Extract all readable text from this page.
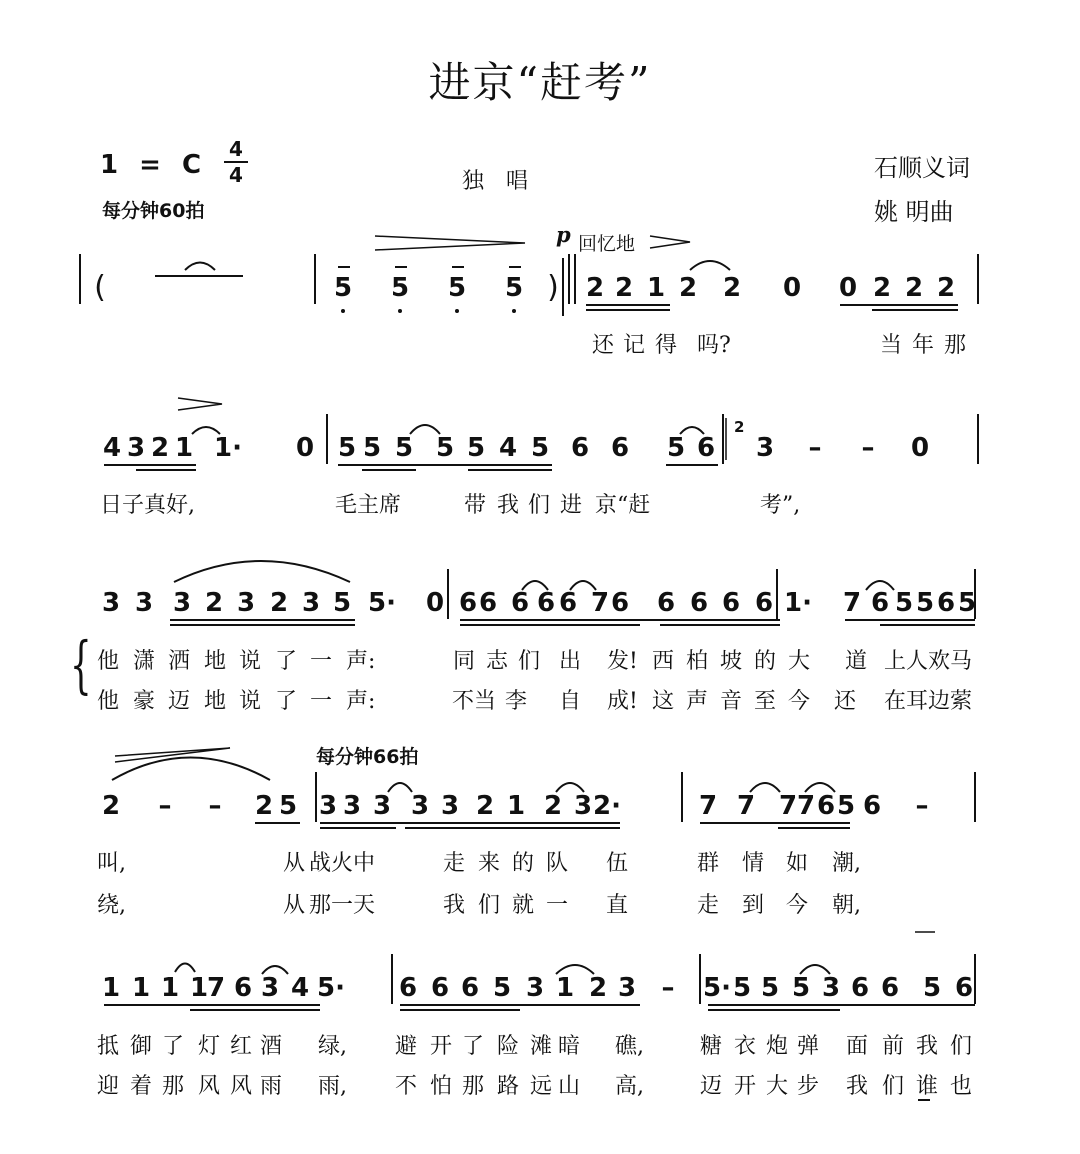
进京“赶考”
1 = C
4
4
每分钟60拍
独唱	石顺义词
姚 明曲
p 回忆地
每分钟66拍
2
{
(	5 5 5 5 )	2 2 1 2 2 0 0 2 2 2
还 记 得 吗?	当 年 那
4 3 2 1 1· 0 5 5 5 5 5 4 5 6 6 5 6 3	–	–	0
日子真好,	毛主席	带 我 们 进 京“赶	考”,
3 3 3 2 3 2 3 5 5· 0 6 6 6 6 6 7 6 6 6 6 6 1· 7 6 5 5 6 5
他 潇 洒 地 说 了 一 声:	同 志 们 出 发! 西 柏 坡 的 大 道 上人欢马
他 豪 迈 地 说 了 一 声:	不当 李 自 成! 这 声 音 至 今 还 在耳边萦
2	–	–	2 5 3 3 3 3 3 2 1 2 3 2·	7 7 7 7 6 5 6	–
叫,	从 战火中	走 来 的 队 伍	群 情 如 潮,
绕,	从 那一天	我 们 就 一 直	走 到 今 朝,
1 1 1 1
7 6 3 4 5· 6 6 6 5 3 1 2 3 –	5· 5 5 5 3 6 6 5 6
抵 御 了 灯 红 酒 绿, 避 开 了 险 滩 暗 礁,	糖 衣 炮 弹 面 前 我 们
迎 着 那 风 风 雨 雨, 不 怕 那 路 远 山 高,	迈 开 大 步 我 们 谁 也
